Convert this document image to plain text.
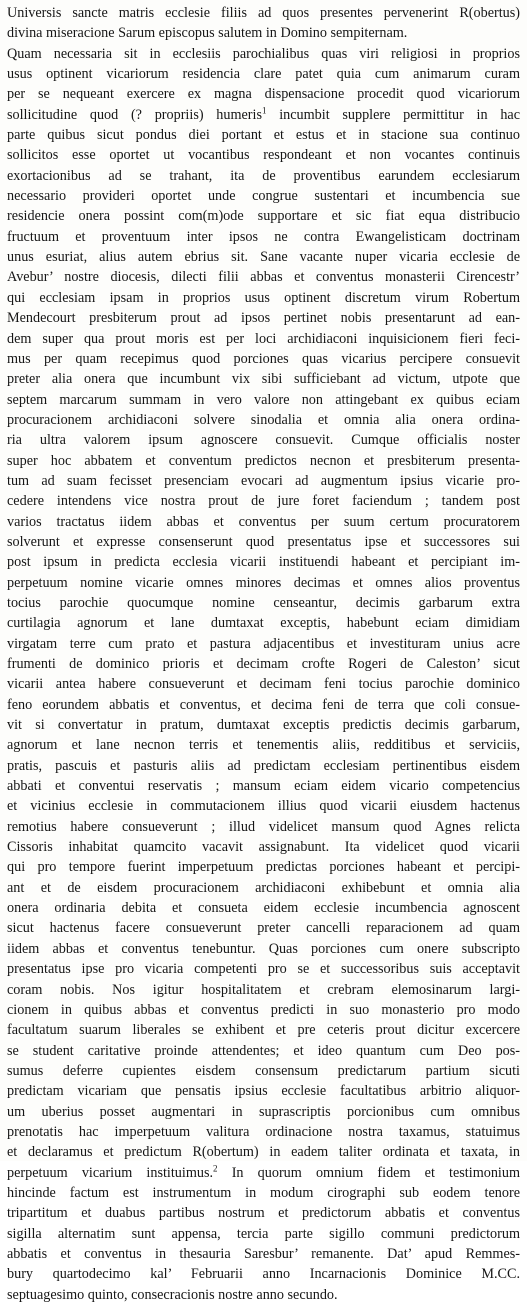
Universis sancte matris ecclesie filiis ad quos presentes pervenerint R(obertus)
divina miseracione Sarum episcopus salutem in Domino sempiternam.
Quam necessaria sit in ecclesiis parochialibus quas viri religiosi in proprios
usus optinent vicariorum residencia clare patet quia cum animarum curam
per se nequeant exercere ex magna dispensacione procedit quod vicariorum
sollicitudine quod (? propriis) humeris$^1$ incumbit supplere permittitur in hac
parte quibus sicut pondus diei portant et estus et in stacione sua continuo
sollicitos esse oportet ut vocantibus respondeant et non vocantes continuis
exortacionibus ad se trahant, ita de proventibus earundem ecclesiarum
necessario provideri oportet unde congrue sustentari et incumbencia sue
residencie onera possint com(m)ode supportare et sic fiat equa distribucio
fructuum et proventuum inter ipsos ne contra Ewangelisticam doctrinam
unus esuriat, alius autem ebrius sit. Sane vacante nuper vicaria ecclesie de
Avebur’ nostre diocesis, dilecti filii abbas et conventus monasterii Cirencestr’
qui ecclesiam ipsam in proprios usus optinent discretum virum Robertum
Mendecourt presbiterum prout ad ipsos pertinet nobis presentarunt ad ean-
dem super qua prout moris est per loci archidiaconi inquisicionem fieri feci-
mus per quam recepimus quod porciones quas vicarius percipere consuevit
preter alia onera que incumbunt vix sibi sufficiebant ad victum, utpote que
septem marcarum summam in vero valore non attingebant ex quibus eciam
procuracionem archidiaconi solvere sinodalia et omnia alia onera ordina-
ria ultra valorem ipsum agnoscere consuevit. Cumque officialis noster
super hoc abbatem et conventum predictos necnon et presbiterum presenta-
tum ad suam fecisset presenciam evocari ad augmentum ipsius vicarie pro-
cedere intendens vice nostra prout de jure foret faciendum ; tandem post
varios tractatus iidem abbas et conventus per suum certum procuratorem
solverunt et expresse consenserunt quod presentatus ipse et successores sui
post ipsum in predicta ecclesia vicarii instituendi habeant et percipiant im-
perpetuum nomine vicarie omnes minores decimas et omnes alios proventus
tocius parochie quocumque nomine censeantur, decimis garbarum extra
curtilagia agnorum et lane dumtaxat exceptis, habebunt eciam dimidiam
virgatam terre cum prato et pastura adjacentibus et investituram unius acre
frumenti de dominico prioris et decimam crofte Rogeri de Caleston’ sicut
vicarii antea habere consueverunt et decimam feni tocius parochie dominico
feno eorundem abbatis et conventus, et decima feni de terra que coli consue-
vit si convertatur in pratum, dumtaxat exceptis predictis decimis garbarum,
agnorum et lane necnon terris et tenementis aliis, redditibus et serviciis,
pratis, pascuis et pasturis aliis ad predictam ecclesiam pertinentibus eisdem
abbati et conventui reservatis ; mansum eciam eidem vicario competencius
et vicinius ecclesie in commutacionem illius quod vicarii eiusdem hactenus
remotius habere consueverunt ; illud videlicet mansum quod Agnes relicta
Cissoris inhabitat quamcito vacavit assignabunt. Ita videlicet quod vicarii
qui pro tempore fuerint imperpetuum predictas porciones habeant et percipi-
ant et de eisdem procuracionem archidiaconi exhibebunt et omnia alia
onera ordinaria debita et consueta eidem ecclesie incumbencia agnoscent
sicut hactenus facere consueverunt preter cancelli reparacionem ad quam
iidem abbas et conventus tenebuntur. Quas porciones cum onere subscripto
presentatus ipse pro vicaria competenti pro se et successoribus suis acceptavit
coram nobis. Nos igitur hospitalitatem et crebram elemosinarum largi-
cionem in quibus abbas et conventus predicti in suo monasterio pro modo
facultatum suarum liberales se exhibent et pre ceteris prout dicitur excercere
se student caritative proinde attendentes; et ideo quantum cum Deo pos-
sumus deferre cupientes eisdem consensum predictarum partium sicuti
predictam vicariam que pensatis ipsius ecclesie facultatibus arbitrio aliquor-
um uberius posset augmentari in suprascriptis porcionibus cum omnibus
prenotatis hac imperpetuum valitura ordinacione nostra taxamus, statuimus
et declaramus et predictum R(obertum) in eadem taliter ordinata et taxata, in
perpetuum vicarium instituimus.$^2$ In quorum omnium fidem et testimonium
hincinde factum est instrumentum in modum cirographi sub eodem tenore
tripartitum et duabus partibus nostrum et predictorum abbatis et conventus
sigilla alternatim sunt appensa, tercia parte sigillo communi predictorum
abbatis et conventus in thesauria Saresbur’ remanente. Dat’ apud Remmes-
bury quartodecimo kal’ Februarii anno Incarnacionis Dominice M.CC.
septuagesimo quinto, consecracionis nostre anno secundo.
